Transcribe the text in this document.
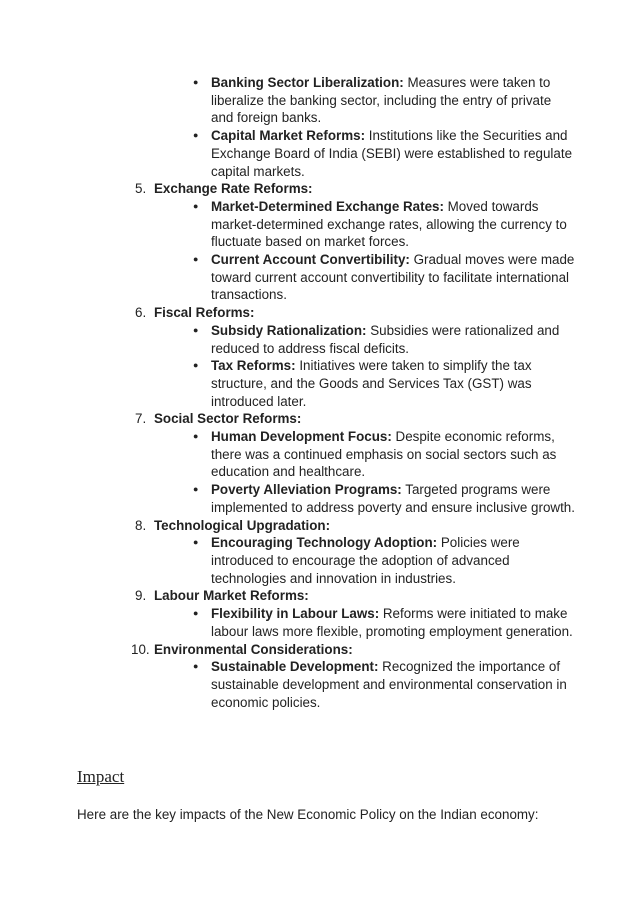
● Banking Sector Liberalization: Measures were taken to liberalize the banking sector, including the entry of private and foreign banks.
● Capital Market Reforms: Institutions like the Securities and Exchange Board of India (SEBI) were established to regulate capital markets.
5. Exchange Rate Reforms:
● Market-Determined Exchange Rates: Moved towards market-determined exchange rates, allowing the currency to fluctuate based on market forces.
● Current Account Convertibility: Gradual moves were made toward current account convertibility to facilitate international transactions.
6. Fiscal Reforms:
● Subsidy Rationalization: Subsidies were rationalized and reduced to address fiscal deficits.
● Tax Reforms: Initiatives were taken to simplify the tax structure, and the Goods and Services Tax (GST) was introduced later.
7. Social Sector Reforms:
● Human Development Focus: Despite economic reforms, there was a continued emphasis on social sectors such as education and healthcare.
● Poverty Alleviation Programs: Targeted programs were implemented to address poverty and ensure inclusive growth.
8. Technological Upgradation:
● Encouraging Technology Adoption: Policies were introduced to encourage the adoption of advanced technologies and innovation in industries.
9. Labour Market Reforms:
● Flexibility in Labour Laws: Reforms were initiated to make labour laws more flexible, promoting employment generation.
10. Environmental Considerations:
● Sustainable Development: Recognized the importance of sustainable development and environmental conservation in economic policies.
Impact
Here are the key impacts of the New Economic Policy on the Indian economy:
